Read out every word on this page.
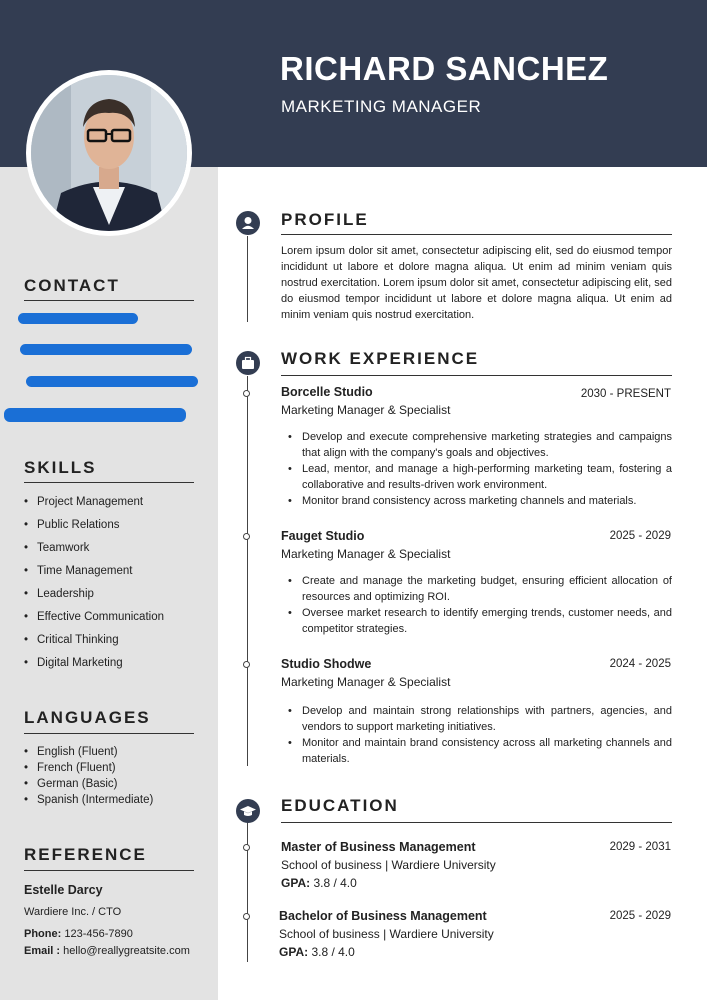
RICHARD SANCHEZ
MARKETING MANAGER
CONTACT
SKILLS
• Project Management
• Public Relations
• Teamwork
• Time Management
• Leadership
• Effective Communication
• Critical Thinking
• Digital Marketing
LANGUAGES
• English (Fluent)
• French (Fluent)
• German (Basic)
• Spanish (Intermediate)
REFERENCE
Estelle Darcy
Wardiere Inc. / CTO
Phone: 123-456-7890
Email : hello@reallygreatsite.com
PROFILE

Lorem ipsum dolor sit amet, consectetur adipiscing elit, sed do eiusmod tempor incididunt ut labore et dolore magna aliqua. Ut enim ad minim veniam quis nostrud exercitation. Lorem ipsum dolor sit amet, consectetur adipiscing elit, sed do eiusmod tempor incididunt ut labore et dolore magna aliqua. Ut enim ad minim veniam quis nostrud exercitation.

WORK EXPERIENCE
Borcelle Studio	2030 - PRESENT
Marketing Manager & Specialist
• Develop and execute comprehensive marketing strategies and campaigns that align with the company's goals and objectives.
• Lead, mentor, and manage a high-performing marketing team, fostering a collaborative and results-driven work environment.
• Monitor brand consistency across marketing channels and materials.
Fauget Studio	2025 - 2029
Marketing Manager & Specialist
• Create and manage the marketing budget, ensuring efficient allocation of resources and optimizing ROI.
• Oversee market research to identify emerging trends, customer needs, and competitor strategies.
Studio Shodwe	2024 - 2025
Marketing Manager & Specialist
• Develop and maintain strong relationships with partners, agencies, and vendors to support marketing initiatives.
• Monitor and maintain brand consistency across all marketing channels and materials.
EDUCATION
Master of Business Management	2029 - 2031
School of business | Wardiere University
GPA: 3.8 / 4.0
Bachelor of Business Management	2025 - 2029
School of business | Wardiere University
GPA: 3.8 / 4.0
